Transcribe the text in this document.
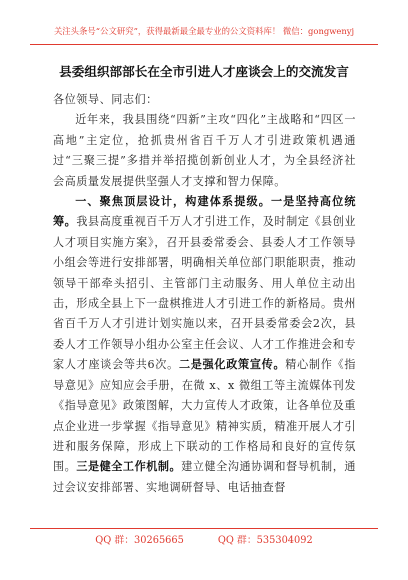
关注头条号“公文研究”，获得最新最全最专业的公文资料库！ 微信：gongwenyj
县委组织部部长在全市引进人才座谈会上的交流发言

各位领导、同志们：

近年来，我县围绕“四新”主攻“四化”主战略和“四区一高地”主定位，抢抓贵州省百千万人才引进政策机遇通过“三聚三提”多措并举招揽创新创业人才，为全县经济社会高质量发展提供坚强人才支撑和智力保障。

一、聚焦顶层设计，构建体系提级。一是坚持高位统筹。我县高度重视百千万人才引进工作，及时制定《县创业人才项目实施方案》，召开县委常委会、县委人才工作领导小组会等进行安排部署，明确相关单位部门职能职责，推动领导干部牵头招引、主管部门主动服务、用人单位主动出击，形成全县上下一盘棋推进人才引进工作的新格局。贵州省百千万人才引进计划实施以来，召开县委常委会2次，县委人才工作领导小组办公室主任会议、人才工作推进会和专家人才座谈会等共6次。二是强化政策宣传。精心制作《指导意见》应知应会手册，在微 x、x 微组工等主流媒体刊发《指导意见》政策图解，大力宣传人才政策，让各单位及重点企业进一步掌握《指导意见》精神实质，精准开展人才引进和服务保障，形成上下联动的工作格局和良好的宣传氛围。三是健全工作机制。建立健全沟通协调和督导机制，通过会议安排部署、实地调研督导、电话抽查督

QQ 群：30265665	QQ 群：535304092
